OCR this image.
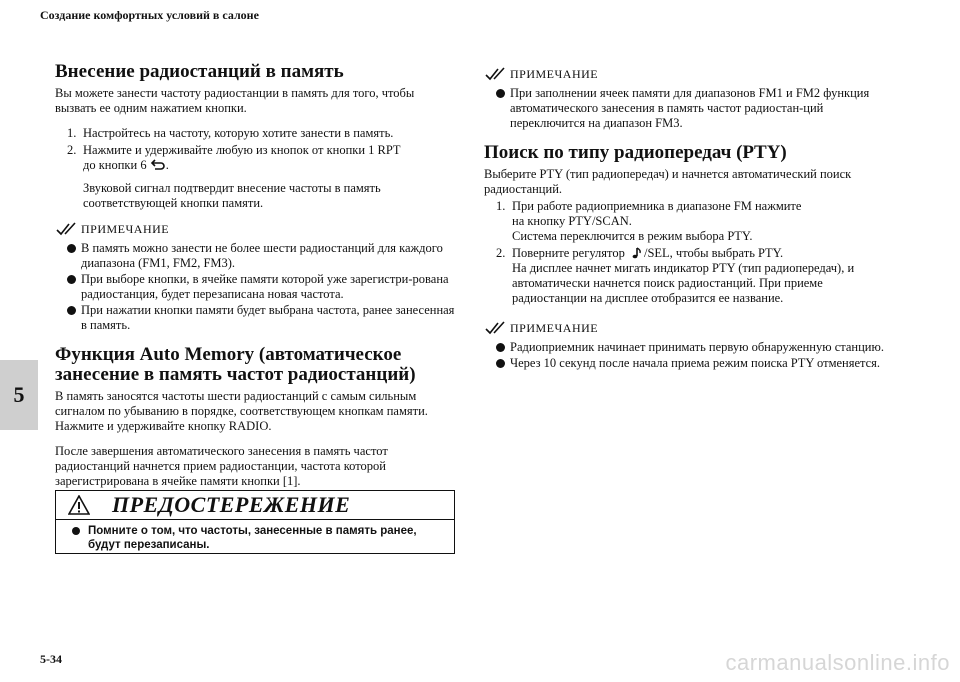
Создание комфортных условий в салоне
5
Внесение радиостанций в память

Вы можете занести частоту радиостанции в память для того, чтобы вызвать ее одним нажатием кнопки.

1. Настройтесь на частоту, которую хотите занести в память.
2. Нажмите и удерживайте любую из кнопок от кнопки 1 RPT
до кнопки 6 .

Звуковой сигнал подтвердит внесение частоты в память соответствующей кнопки памяти.

ПРИМЕЧАНИЕ
В память можно занести не более шести радиостанций для каждого диапазона (FM1, FM2, FM3).
При выборе кнопки, в ячейке памяти которой уже зарегистри-рована радиостанция, будет перезаписана новая частота.
При нажатии кнопки памяти будет выбрана частота, ранее занесенная в память.
Функция Auto Memory (автоматическое
занесение в память частот радиостанций)

В память заносятся частоты шести радиостанций с самым сильным сигналом по убыванию в порядке, соответствующем кнопкам памяти. Нажмите и удерживайте кнопку RADIO.

После завершения автоматического занесения в память частот радиостанций начнется прием радиостанции, частота которой зарегистрирована в ячейке памяти кнопки [1].

ПРЕДОСТЕРЕЖЕНИЕ
Помните о том, что частоты, занесенные в память ранее, будут перезаписаны.
ПРИМЕЧАНИЕ
При заполнении ячеек памяти для диапазонов FM1 и FM2 функция автоматического занесения в память частот радиостан-ций переключится на диапазон FM3.
Поиск по типу радиопередач (PTY)

Выберите PTY (тип радиопередач) и начнется автоматический поиск радиостанций.

1. При работе радиоприемника в диапазоне FM нажмите
на кнопку PTY/SCAN.
Система переключится в режим выбора PTY.
2. Поверните регулятор /SEL, чтобы выбрать PTY.
На дисплее начнет мигать индикатор PTY (тип радиопередач), и автоматически начнется поиск радиостанций. При приеме радиостанции на дисплее отобразится ее название.
ПРИМЕЧАНИЕ
Радиоприемник начинает принимать первую обнаруженную станцию.
Через 10 секунд после начала приема режим поиска PTY отменяется.
5-34	carmanualsonline.info
